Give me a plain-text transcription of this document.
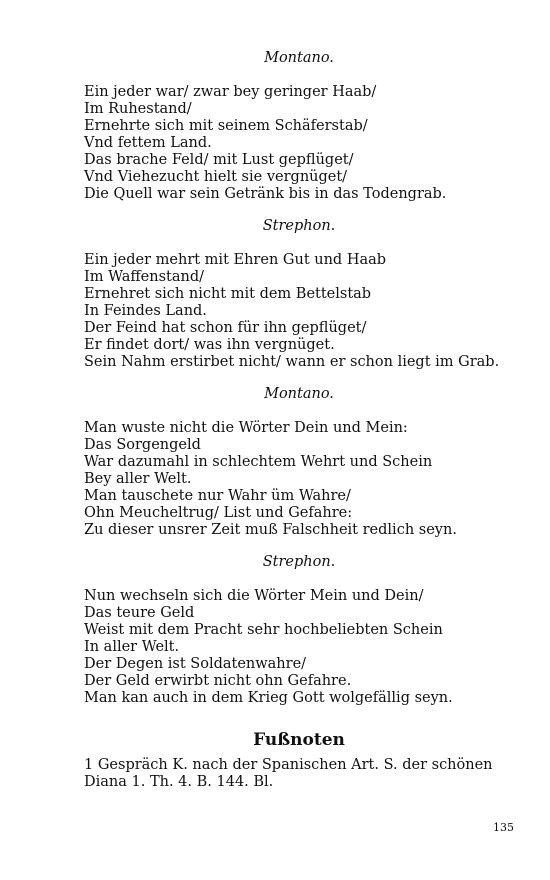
Montano.

Ein jeder war/ zwar bey geringer Haab/
Im Ruhestand/
Ernehrte sich mit seinem Schäferstab/
Vnd fettem Land.
Das brache Feld/ mit Lust gepflüget/
Vnd Viehezucht hielt sie vergnüget/
Die Quell war sein Getränk bis in das Todengrab.

Strephon.

Ein jeder mehrt mit Ehren Gut und Haab
Im Waffenstand/
Ernehret sich nicht mit dem Bettelstab
In Feindes Land.
Der Feind hat schon für ihn gepflüget/
Er findet dort/ was ihn vergnüget.
Sein Nahm erstirbet nicht/ wann er schon liegt im Grab.

Montano.

Man wuste nicht die Wörter Dein und Mein:
Das Sorgengeld
War dazumahl in schlechtem Wehrt und Schein
Bey aller Welt.
Man tauschete nur Wahr üm Wahre/
Ohn Meucheltrug/ List und Gefahre:
Zu dieser unsrer Zeit muß Falschheit redlich seyn.

Strephon.

Nun wechseln sich die Wörter Mein und Dein/
Das teure Geld
Weist mit dem Pracht sehr hochbeliebten Schein
In aller Welt.
Der Degen ist Soldatenwahre/
Der Geld erwirbt nicht ohn Gefahre.
Man kan auch in dem Krieg Gott wolgefällig seyn.
Fußnoten

1 Gespräch K. nach der Spanischen Art. S. der schönen Diana 1. Th. 4. B. 144. Bl.

135
